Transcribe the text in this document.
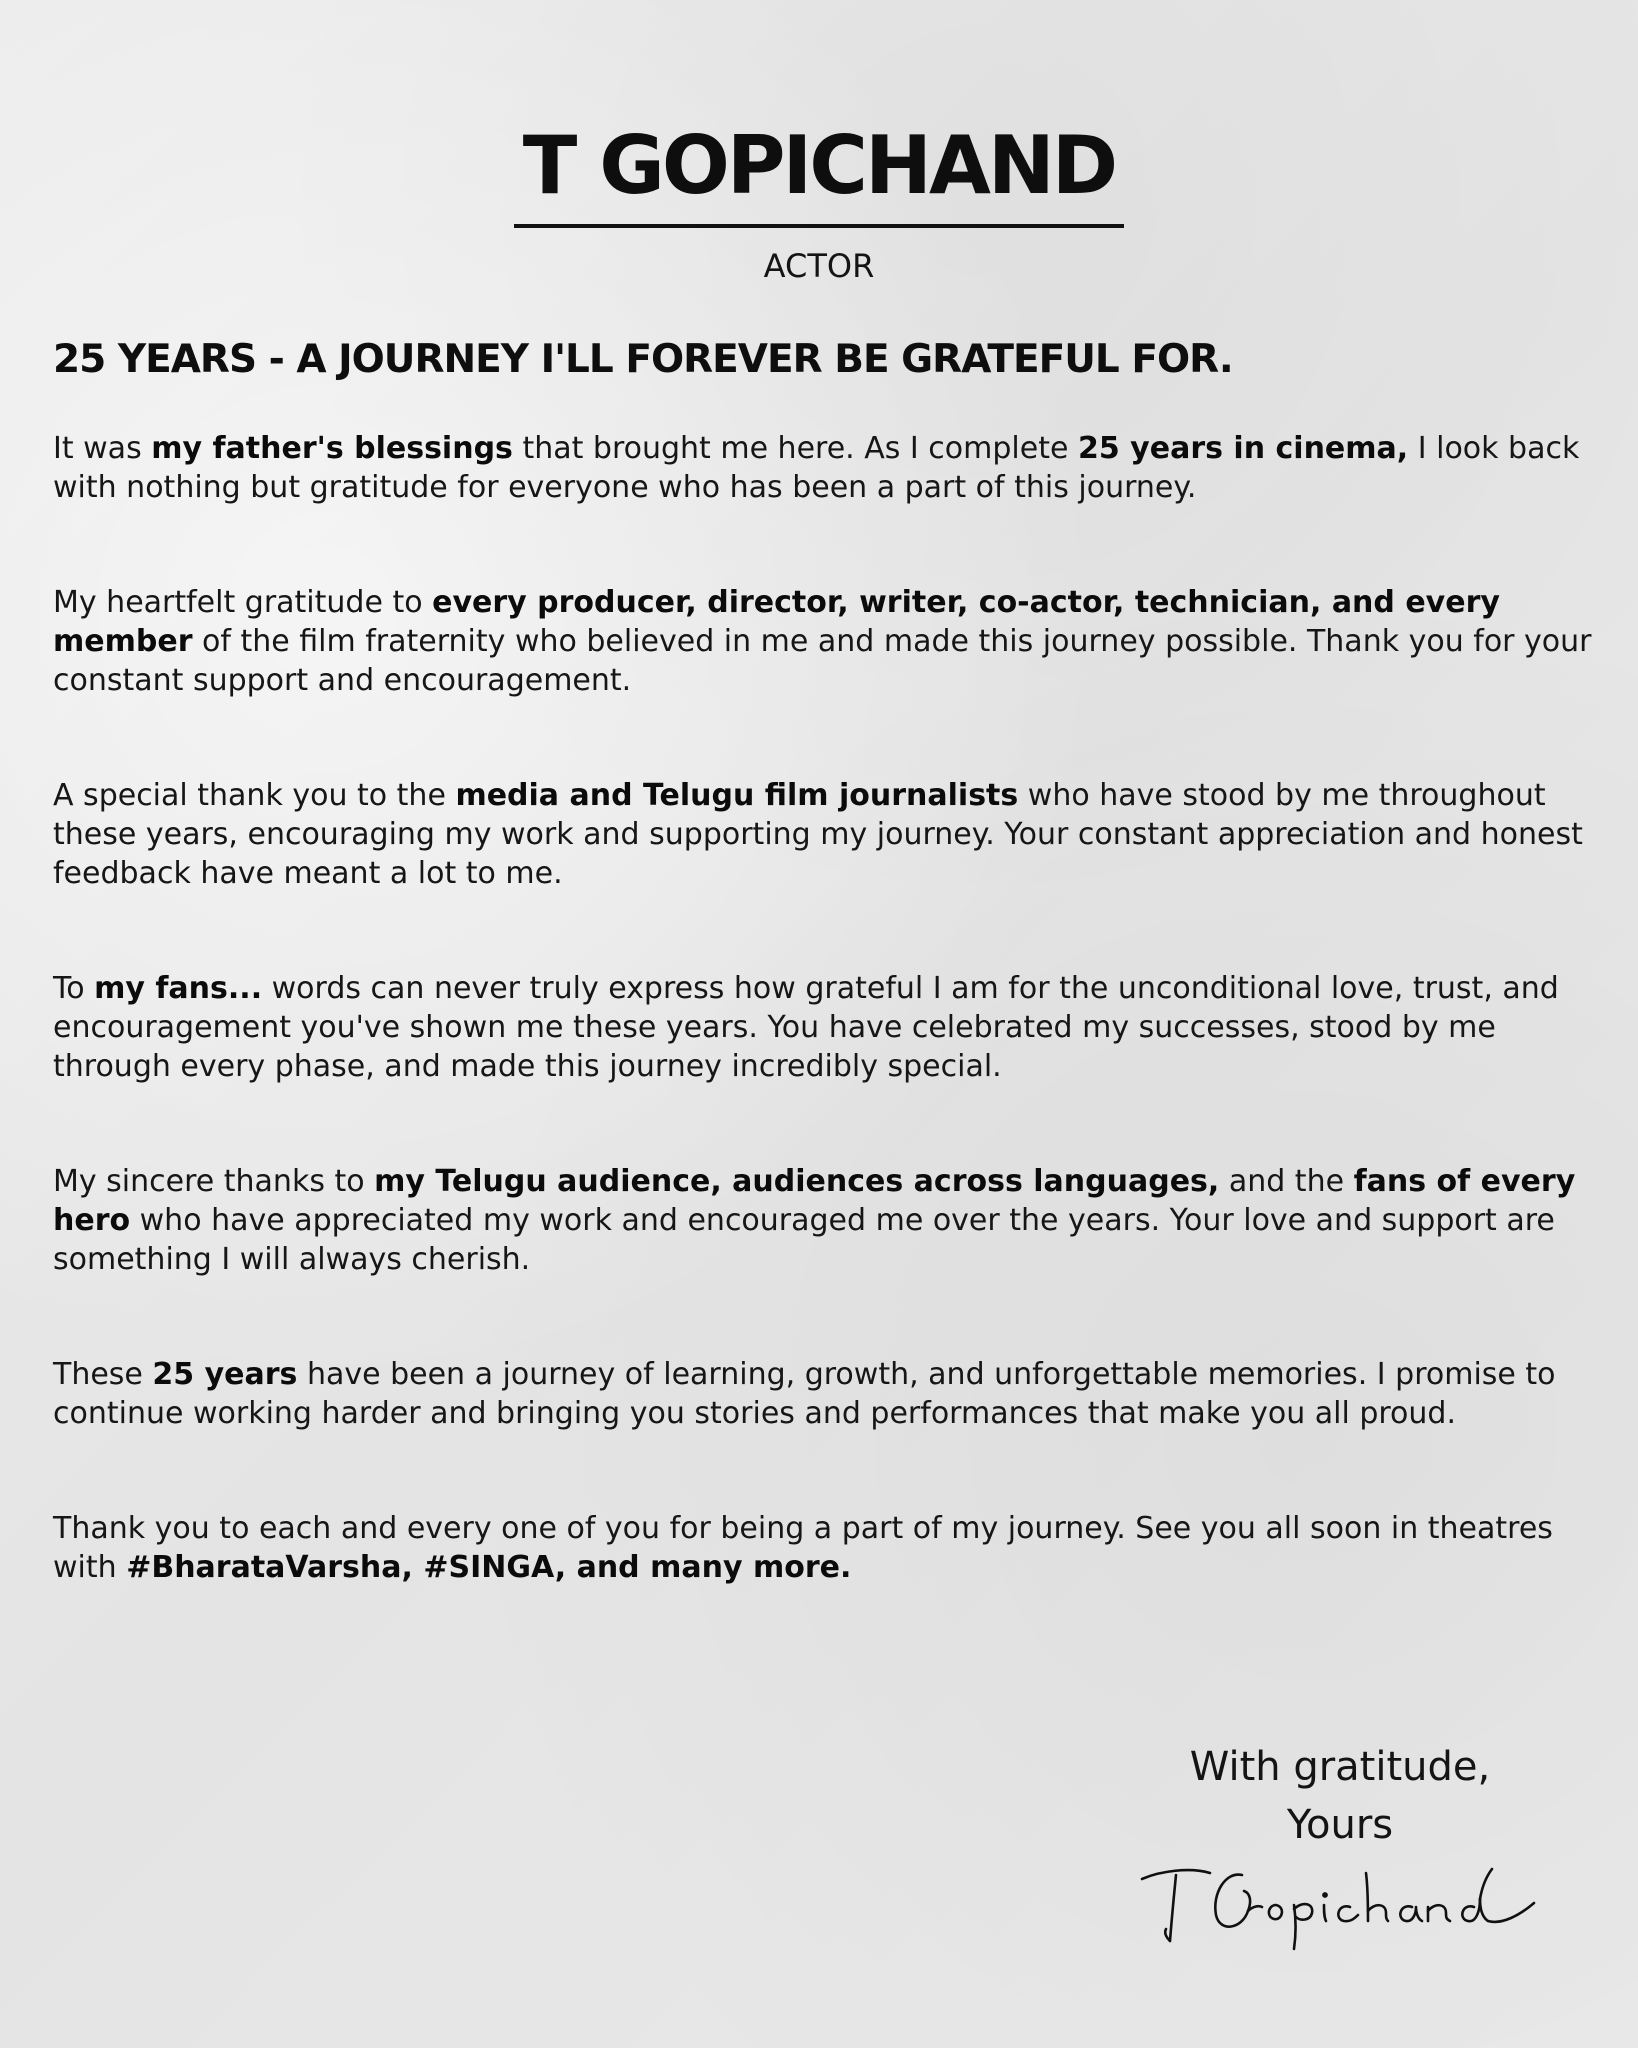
T GOPICHAND
ACTOR
25 YEARS - A JOURNEY I'LL FOREVER BE GRATEFUL FOR.

It was my father's blessings that brought me here. As I complete 25 years in cinema, I look back with nothing but gratitude for everyone who has been a part of this journey.

My heartfelt gratitude to every producer, director, writer, co-actor, technician, and every member of the film fraternity who believed in me and made this journey possible. Thank you for your constant support and encouragement.

A special thank you to the media and Telugu film journalists who have stood by me throughout these years, encouraging my work and supporting my journey. Your constant appreciation and honest feedback have meant a lot to me.

To my fans... words can never truly express how grateful I am for the unconditional love, trust, and encouragement you've shown me these years. You have celebrated my successes, stood by me through every phase, and made this journey incredibly special.

My sincere thanks to my Telugu audience, audiences across languages, and the fans of every hero who have appreciated my work and encouraged me over the years. Your love and support are something I will always cherish.

These 25 years have been a journey of learning, growth, and unforgettable memories. I promise to continue working harder and bringing you stories and performances that make you all proud.

Thank you to each and every one of you for being a part of my journey. See you all soon in theatres with #BharataVarsha, #SINGA, and many more.

With gratitude,
Yours
